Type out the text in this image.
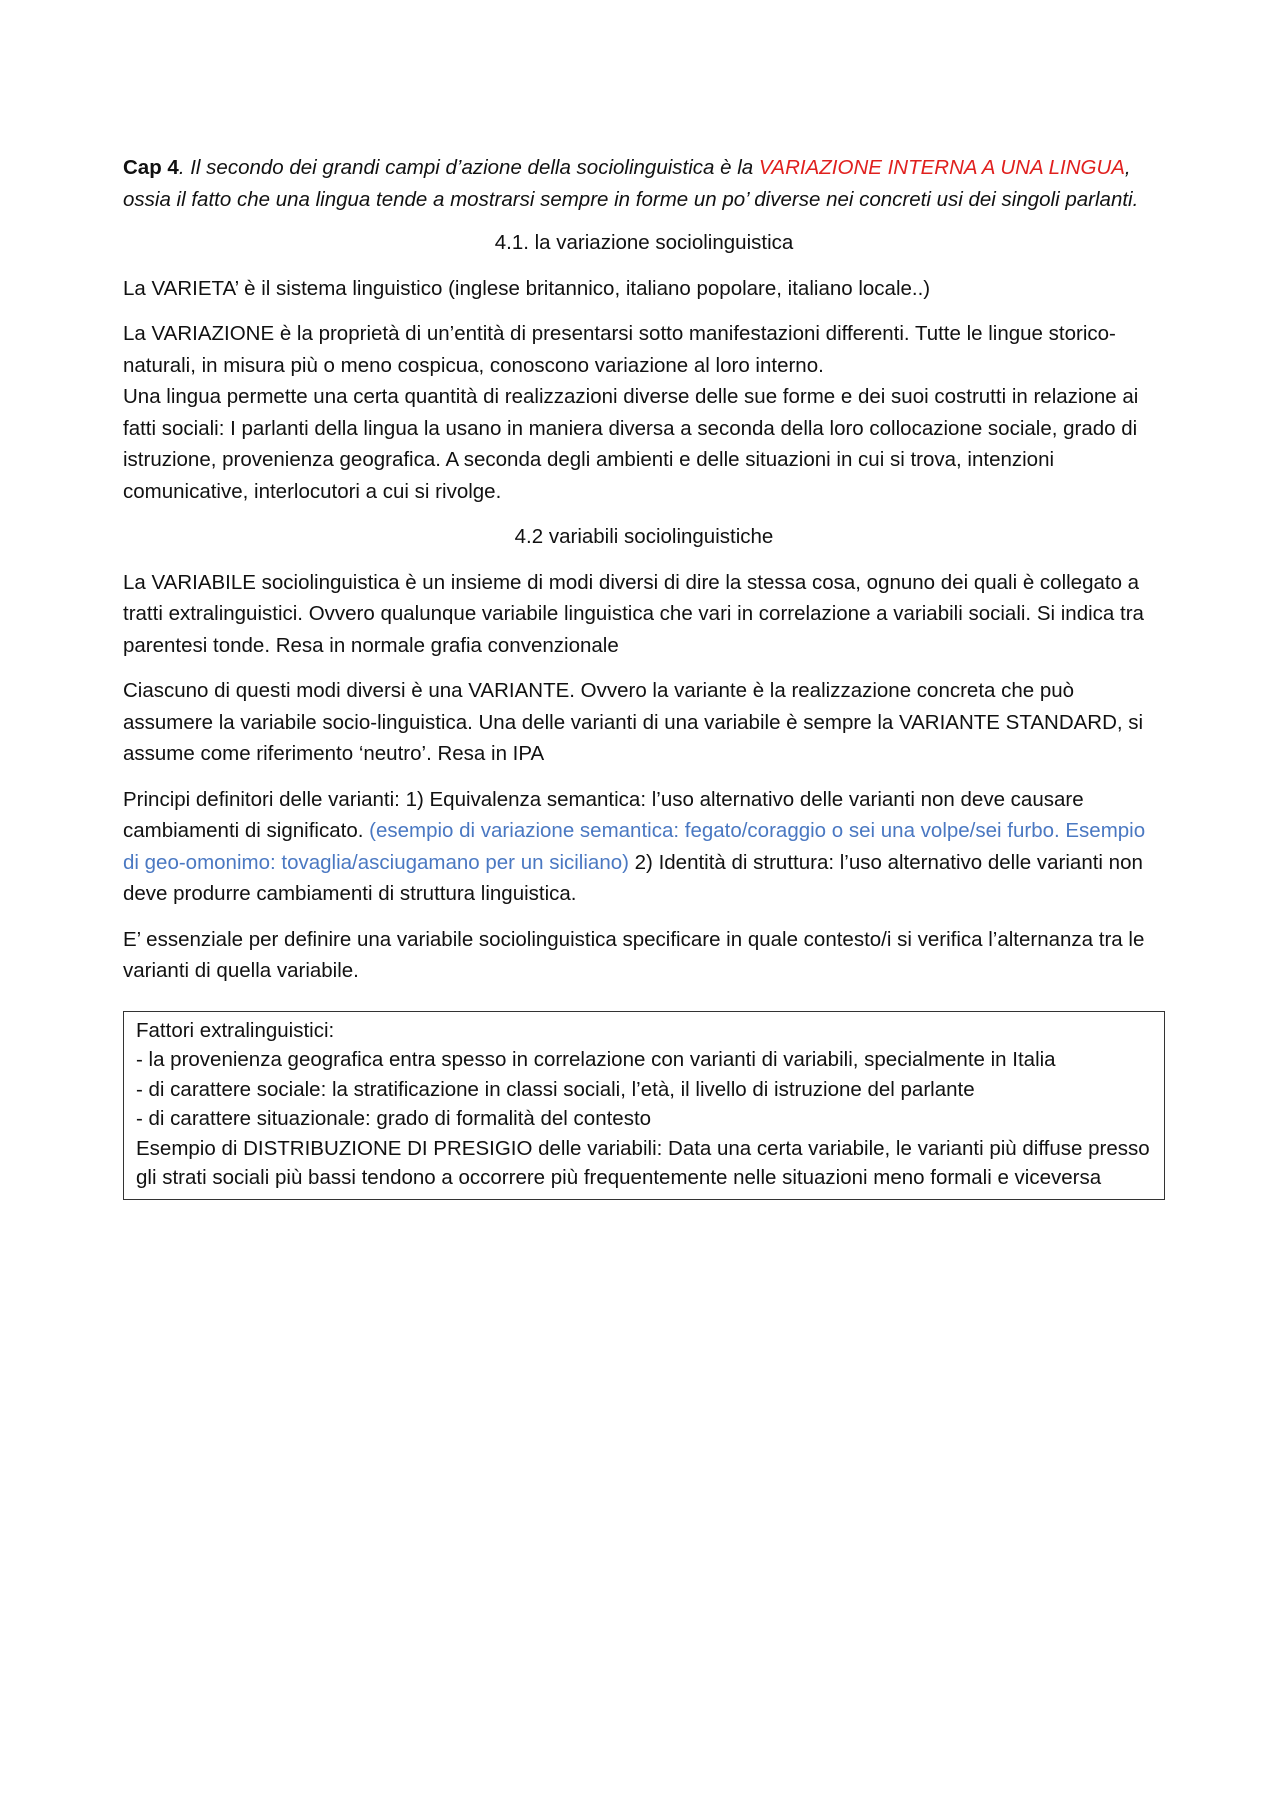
Cap 4. Il secondo dei grandi campi d’azione della sociolinguistica è la VARIAZIONE INTERNA A UNA LINGUA, ossia il fatto che una lingua tende a mostrarsi sempre in forme un po’ diverse nei concreti usi dei singoli parlanti.

4.1. la variazione sociolinguistica

La VARIETA’ è il sistema linguistico (inglese britannico, italiano popolare, italiano locale..)

La VARIAZIONE è la proprietà di un’entità di presentarsi sotto manifestazioni differenti. Tutte le lingue storico-naturali, in misura più o meno cospicua, conoscono variazione al loro interno.
Una lingua permette una certa quantità di realizzazioni diverse delle sue forme e dei suoi costrutti in relazione ai fatti sociali: I parlanti della lingua la usano in maniera diversa a seconda della loro collocazione sociale, grado di istruzione, provenienza geografica. A seconda degli ambienti e delle situazioni in cui si trova, intenzioni comunicative, interlocutori a cui si rivolge.

4.2 variabili sociolinguistiche

La VARIABILE sociolinguistica è un insieme di modi diversi di dire la stessa cosa, ognuno dei quali è collegato a tratti extralinguistici. Ovvero qualunque variabile linguistica che vari in correlazione a variabili sociali. Si indica tra parentesi tonde. Resa in normale grafia convenzionale

Ciascuno di questi modi diversi è una VARIANTE. Ovvero la variante è la realizzazione concreta che può assumere la variabile socio-linguistica. Una delle varianti di una variabile è sempre la VARIANTE STANDARD, si assume come riferimento ‘neutro’. Resa in IPA

Principi definitori delle varianti: 1) Equivalenza semantica: l’uso alternativo delle varianti non deve causare cambiamenti di significato. (esempio di variazione semantica: fegato/coraggio o sei una volpe/sei furbo. Esempio di geo-omonimo: tovaglia/asciugamano per un siciliano) 2) Identità di struttura: l’uso alternativo delle varianti non deve produrre cambiamenti di struttura linguistica.

E’ essenziale per definire una variabile sociolinguistica specificare in quale contesto/i si verifica l’alternanza tra le varianti di quella variabile.

Fattori extralinguistici:
- la provenienza geografica entra spesso in correlazione con varianti di variabili, specialmente in Italia
- di carattere sociale: la stratificazione in classi sociali, l’età, il livello di istruzione del parlante
- di carattere situazionale: grado di formalità del contesto
Esempio di DISTRIBUZIONE DI PRESIGIO delle variabili: Data una certa variabile, le varianti più diffuse presso gli strati sociali più bassi tendono a occorrere più frequentemente nelle situazioni meno formali e viceversa
